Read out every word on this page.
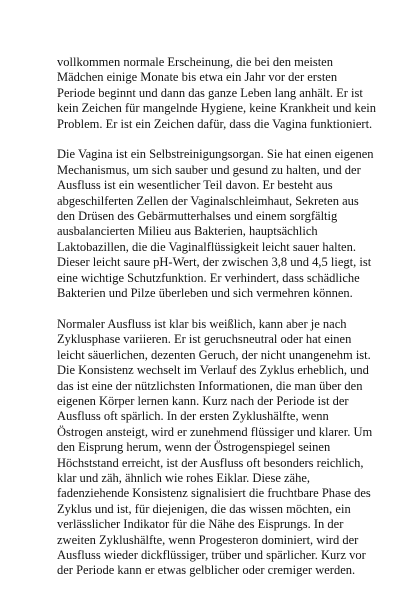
vollkommen normale Erscheinung, die bei den meisten
Mädchen einige Monate bis etwa ein Jahr vor der ersten
Periode beginnt und dann das ganze Leben lang anhält. Er ist
kein Zeichen für mangelnde Hygiene, keine Krankheit und kein
Problem. Er ist ein Zeichen dafür, dass die Vagina funktioniert.

Die Vagina ist ein Selbstreinigungsorgan. Sie hat einen eigenen
Mechanismus, um sich sauber und gesund zu halten, und der
Ausfluss ist ein wesentlicher Teil davon. Er besteht aus
abgeschilferten Zellen der Vaginalschleimhaut, Sekreten aus
den Drüsen des Gebärmutterhalses und einem sorgfältig
ausbalancierten Milieu aus Bakterien, hauptsächlich
Laktobazillen, die die Vaginalflüssigkeit leicht sauer halten.
Dieser leicht saure pH-Wert, der zwischen 3,8 und 4,5 liegt, ist
eine wichtige Schutzfunktion. Er verhindert, dass schädliche
Bakterien und Pilze überleben und sich vermehren können.

Normaler Ausfluss ist klar bis weißlich, kann aber je nach
Zyklusphase variieren. Er ist geruchsneutral oder hat einen
leicht säuerlichen, dezenten Geruch, der nicht unangenehm ist.
Die Konsistenz wechselt im Verlauf des Zyklus erheblich, und
das ist eine der nützlichsten Informationen, die man über den
eigenen Körper lernen kann. Kurz nach der Periode ist der
Ausfluss oft spärlich. In der ersten Zyklushälfte, wenn
Östrogen ansteigt, wird er zunehmend flüssiger und klarer. Um
den Eisprung herum, wenn der Östrogenspiegel seinen
Höchststand erreicht, ist der Ausfluss oft besonders reichlich,
klar und zäh, ähnlich wie rohes Eiklar. Diese zähe,
fadenziehende Konsistenz signalisiert die fruchtbare Phase des
Zyklus und ist, für diejenigen, die das wissen möchten, ein
verlässlicher Indikator für die Nähe des Eisprungs. In der
zweiten Zyklushälfte, wenn Progesteron dominiert, wird der
Ausfluss wieder dickflüssiger, trüber und spärlicher. Kurz vor
der Periode kann er etwas gelblicher oder cremiger werden.
